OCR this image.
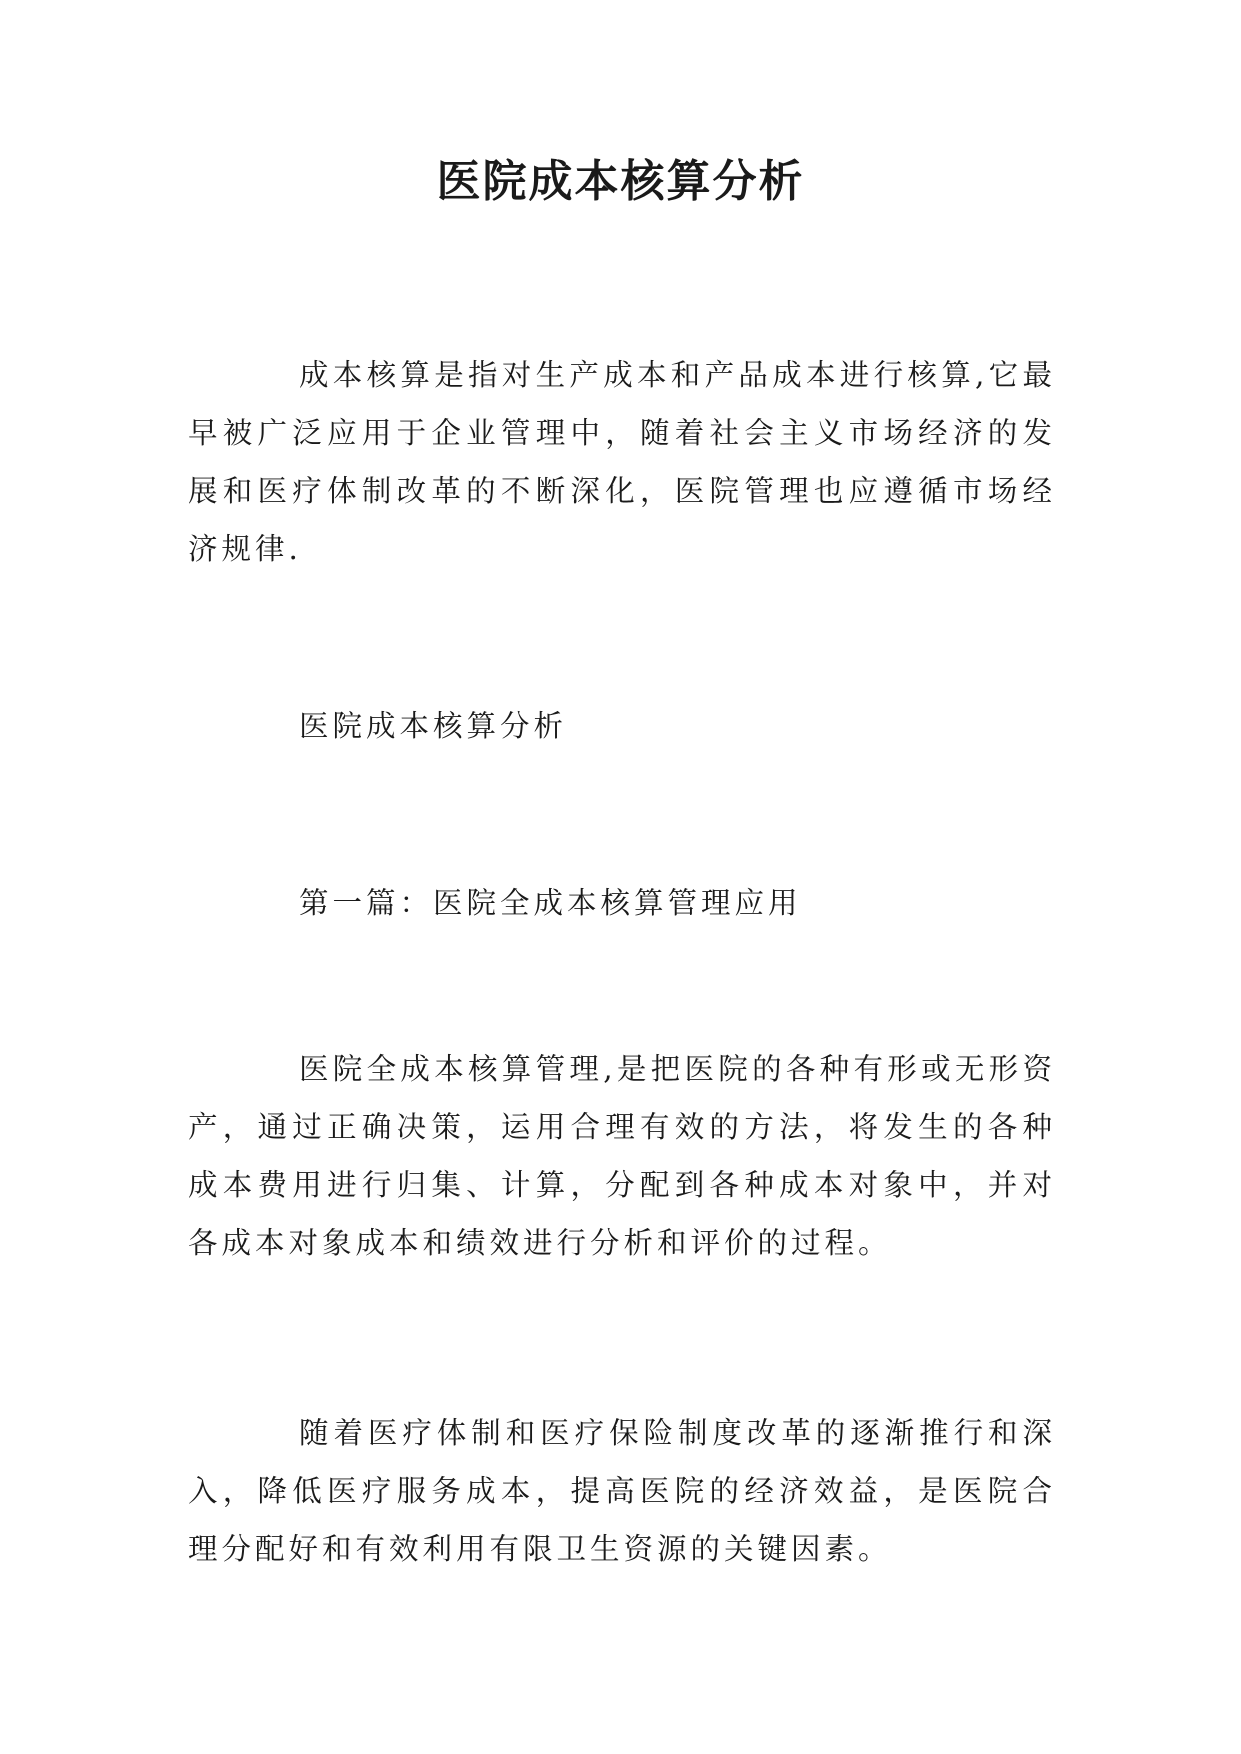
医院成本核算分析

成本核算是指对生产成本和产品成本进行核算,它最早被广泛应用于企业管理中，随着社会主义市场经济的发展和医疗体制改革的不断深化，医院管理也应遵循市场经济规律.

医院成本核算分析

第一篇：医院全成本核算管理应用

医院全成本核算管理,是把医院的各种有形或无形资产，通过正确决策，运用合理有效的方法，将发生的各种成本费用进行归集、计算，分配到各种成本对象中，并对各成本对象成本和绩效进行分析和评价的过程。

随着医疗体制和医疗保险制度改革的逐渐推行和深入，降低医疗服务成本，提高医院的经济效益，是医院合理分配好和有效利用有限卫生资源的关键因素。
